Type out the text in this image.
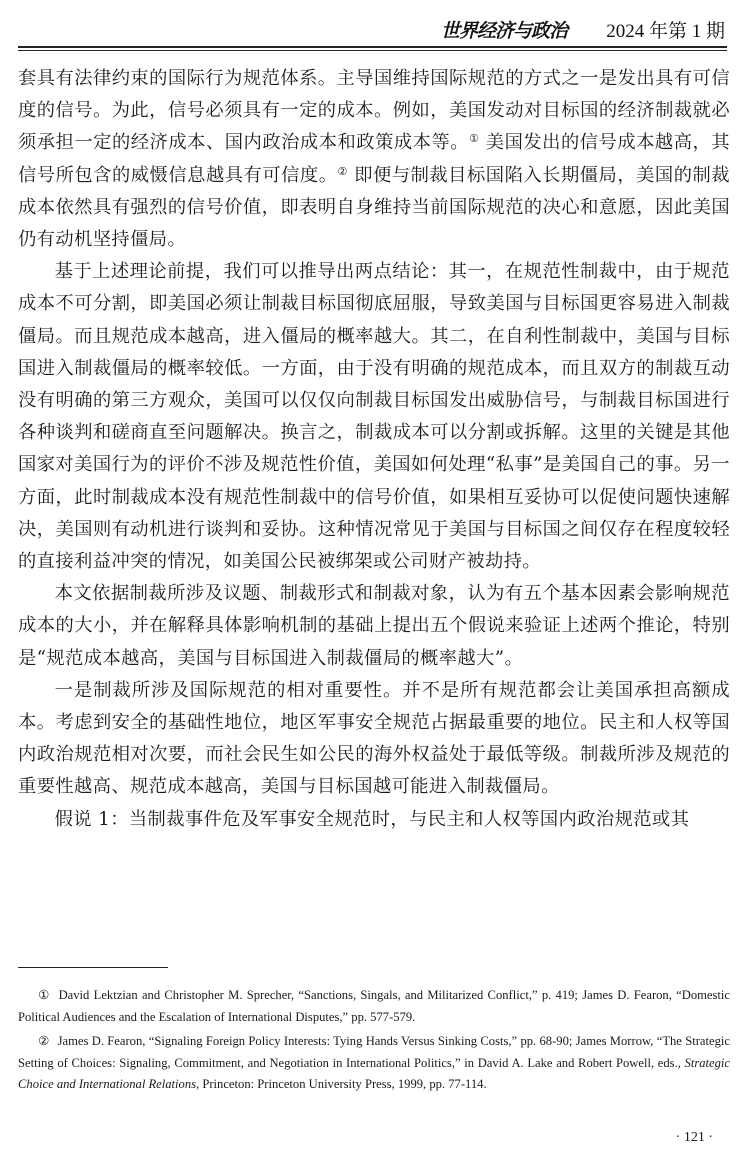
世界经济与政治 2024 年第 1 期

套具有法律约束的国际行为规范体系。主导国维持国际规范的方式之一是发出具有可信度的信号。为此，信号必须具有一定的成本。例如，美国发动对目标国的经济制裁就必须承担一定的经济成本、国内政治成本和政策成本等。① 美国发出的信号成本越高，其信号所包含的威慑信息越具有可信度。② 即便与制裁目标国陷入长期僵局，美国的制裁成本依然具有强烈的信号价值，即表明自身维持当前国际规范的决心和意愿，因此美国仍有动机坚持僵局。

基于上述理论前提，我们可以推导出两点结论：其一，在规范性制裁中，由于规范成本不可分割，即美国必须让制裁目标国彻底屈服，导致美国与目标国更容易进入制裁僵局。而且规范成本越高，进入僵局的概率越大。其二，在自利性制裁中，美国与目标国进入制裁僵局的概率较低。一方面，由于没有明确的规范成本，而且双方的制裁互动没有明确的第三方观众，美国可以仅仅向制裁目标国发出威胁信号，与制裁目标国进行各种谈判和磋商直至问题解决。换言之，制裁成本可以分割或拆解。这里的关键是其他国家对美国行为的评价不涉及规范性价值，美国如何处理“私事”是美国自己的事。另一方面，此时制裁成本没有规范性制裁中的信号价值，如果相互妥协可以促使问题快速解决，美国则有动机进行谈判和妥协。这种情况常见于美国与目标国之间仅存在程度较轻的直接利益冲突的情况，如美国公民被绑架或公司财产被劫持。

本文依据制裁所涉及议题、制裁形式和制裁对象，认为有五个基本因素会影响规范成本的大小，并在解释具体影响机制的基础上提出五个假说来验证上述两个推论，特别是“规范成本越高，美国与目标国进入制裁僵局的概率越大”。

一是制裁所涉及国际规范的相对重要性。并不是所有规范都会让美国承担高额成本。考虑到安全的基础性地位，地区军事安全规范占据最重要的地位。民主和人权等国内政治规范相对次要，而社会民生如公民的海外权益处于最低等级。制裁所涉及规范的重要性越高、规范成本越高，美国与目标国越可能进入制裁僵局。

假说 1：当制裁事件危及军事安全规范时，与民主和人权等国内政治规范或其

① David Lektzian and Christopher M. Sprecher, “Sanctions, Singals, and Militarized Conflict,” p. 419; James D. Fearon, “Domestic Political Audiences and the Escalation of International Disputes,” pp. 577-579.

② James D. Fearon, “Signaling Foreign Policy Interests: Tying Hands Versus Sinking Costs,” pp. 68-90; James Morrow, “The Strategic Setting of Choices: Signaling, Commitment, and Negotiation in International Politics,” in David A. Lake and Robert Powell, eds., Strategic Choice and International Relations, Princeton: Princeton University Press, 1999, pp. 77-114.

· 121 ·
